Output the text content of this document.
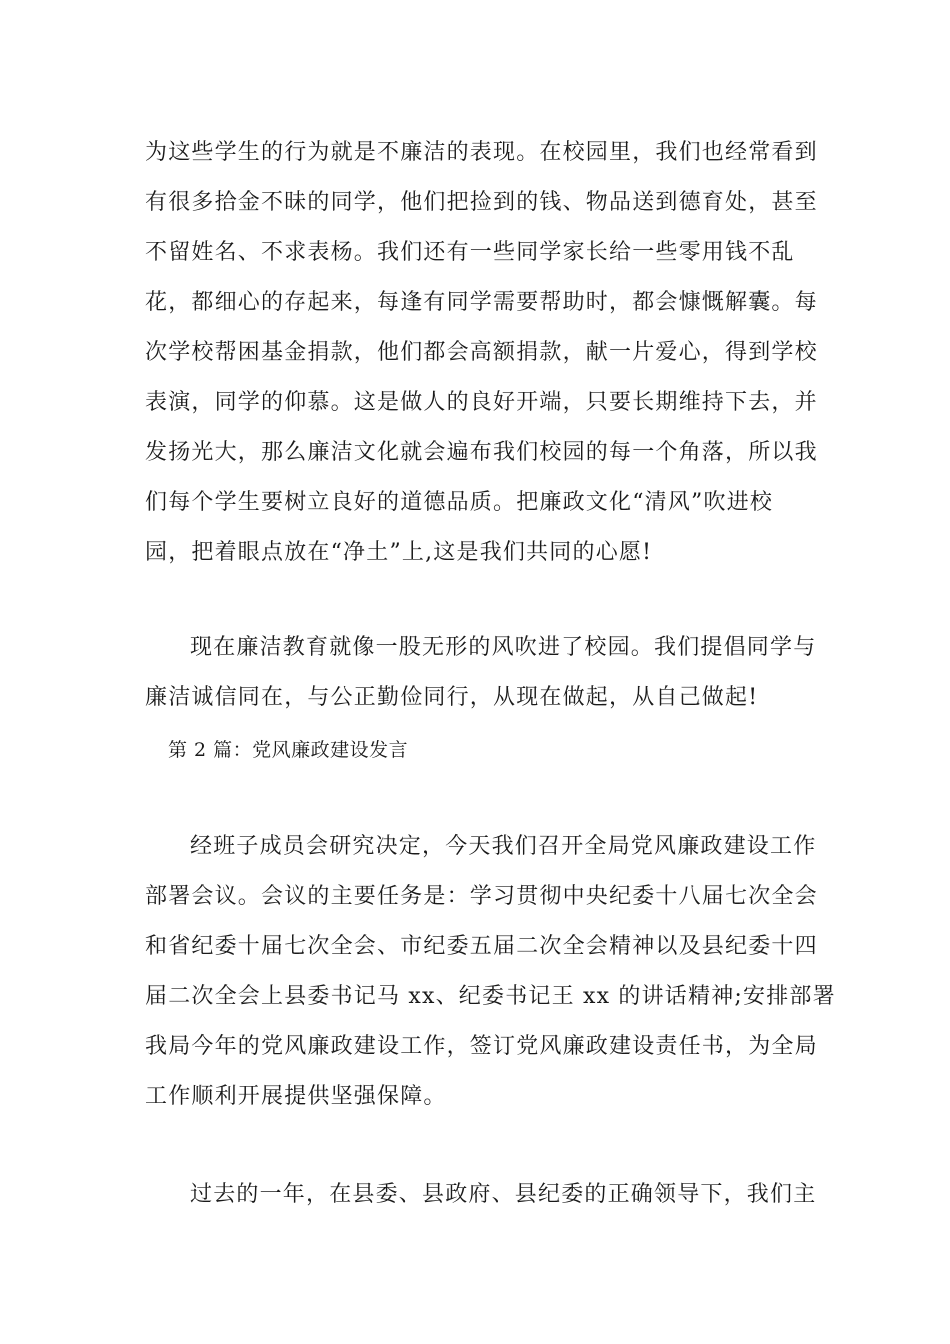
为这些学生的行为就是不廉洁的表现。在校园里，我们也经常看到
有很多拾金不昧的同学，他们把捡到的钱、物品送到德育处，甚至
不留姓名、不求表杨。我们还有一些同学家长给一些零用钱不乱
花，都细心的存起来，每逢有同学需要帮助时，都会慷慨解囊。每
次学校帮困基金捐款，他们都会高额捐款，献一片爱心，得到学校
表演，同学的仰慕。这是做人的良好开端，只要长期维持下去，并
发扬光大，那么廉洁文化就会遍布我们校园的每一个角落，所以我
们每个学生要树立良好的道德品质。把廉政文化“清风”吹进校
园，把着眼点放在“净土”上,这是我们共同的心愿!
现在廉洁教育就像一股无形的风吹进了校园。我们提倡同学与
廉洁诚信同在，与公正勤俭同行，从现在做起，从自己做起!
第 2 篇：党风廉政建设发言
经班子成员会研究决定，今天我们召开全局党风廉政建设工作
部署会议。会议的主要任务是：学习贯彻中央纪委十八届七次全会
和省纪委十届七次全会、市纪委五届二次全会精神以及县纪委十四
届二次全会上县委书记马 xx、纪委书记王 xx 的讲话精神;安排部署
我局今年的党风廉政建设工作，签订党风廉政建设责任书，为全局
工作顺利开展提供坚强保障。
过去的一年，在县委、县政府、县纪委的正确领导下，我们主
